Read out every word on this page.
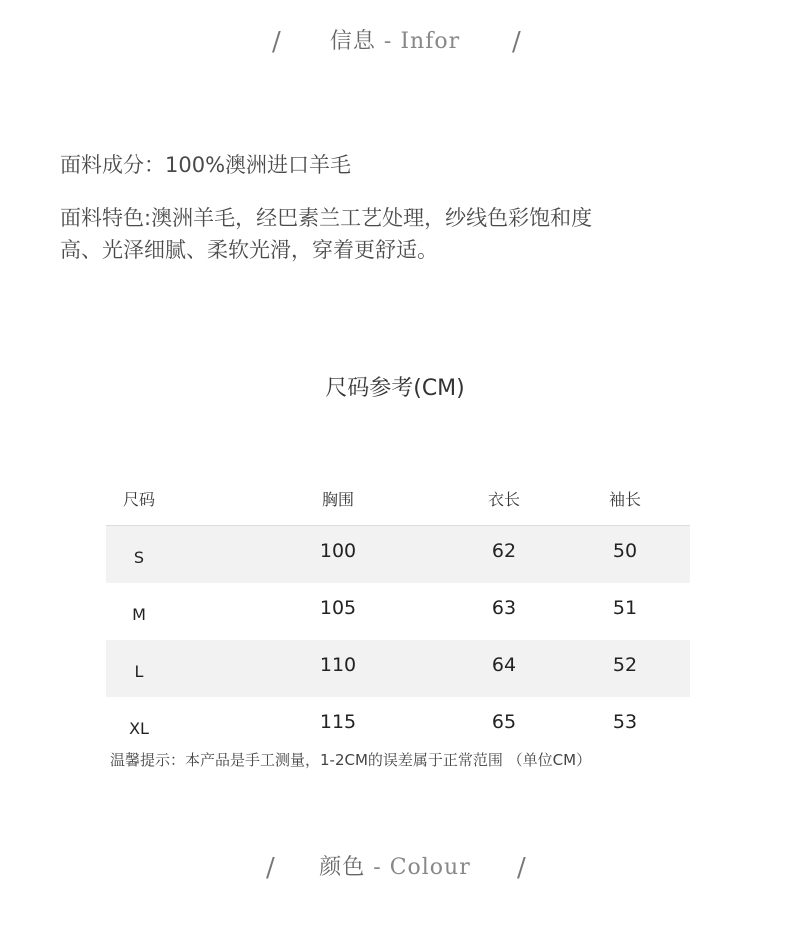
/	信息 - Infor	/

面料成分：100%澳洲进口羊毛

面料特色:澳洲羊毛，经巴素兰工艺处理，纱线色彩饱和度

高、光泽细腻、柔软光滑，穿着更舒适。

尺码参考(CM)
尺码	胸围	衣长	袖长
S	100	62	50
M	105	63	51
L	110	64	52
XL	115	65	53
温馨提示：本产品是手工测量，1-2CM的误差属于正常范围 （单位CM）
/	颜色 - Colour	/
